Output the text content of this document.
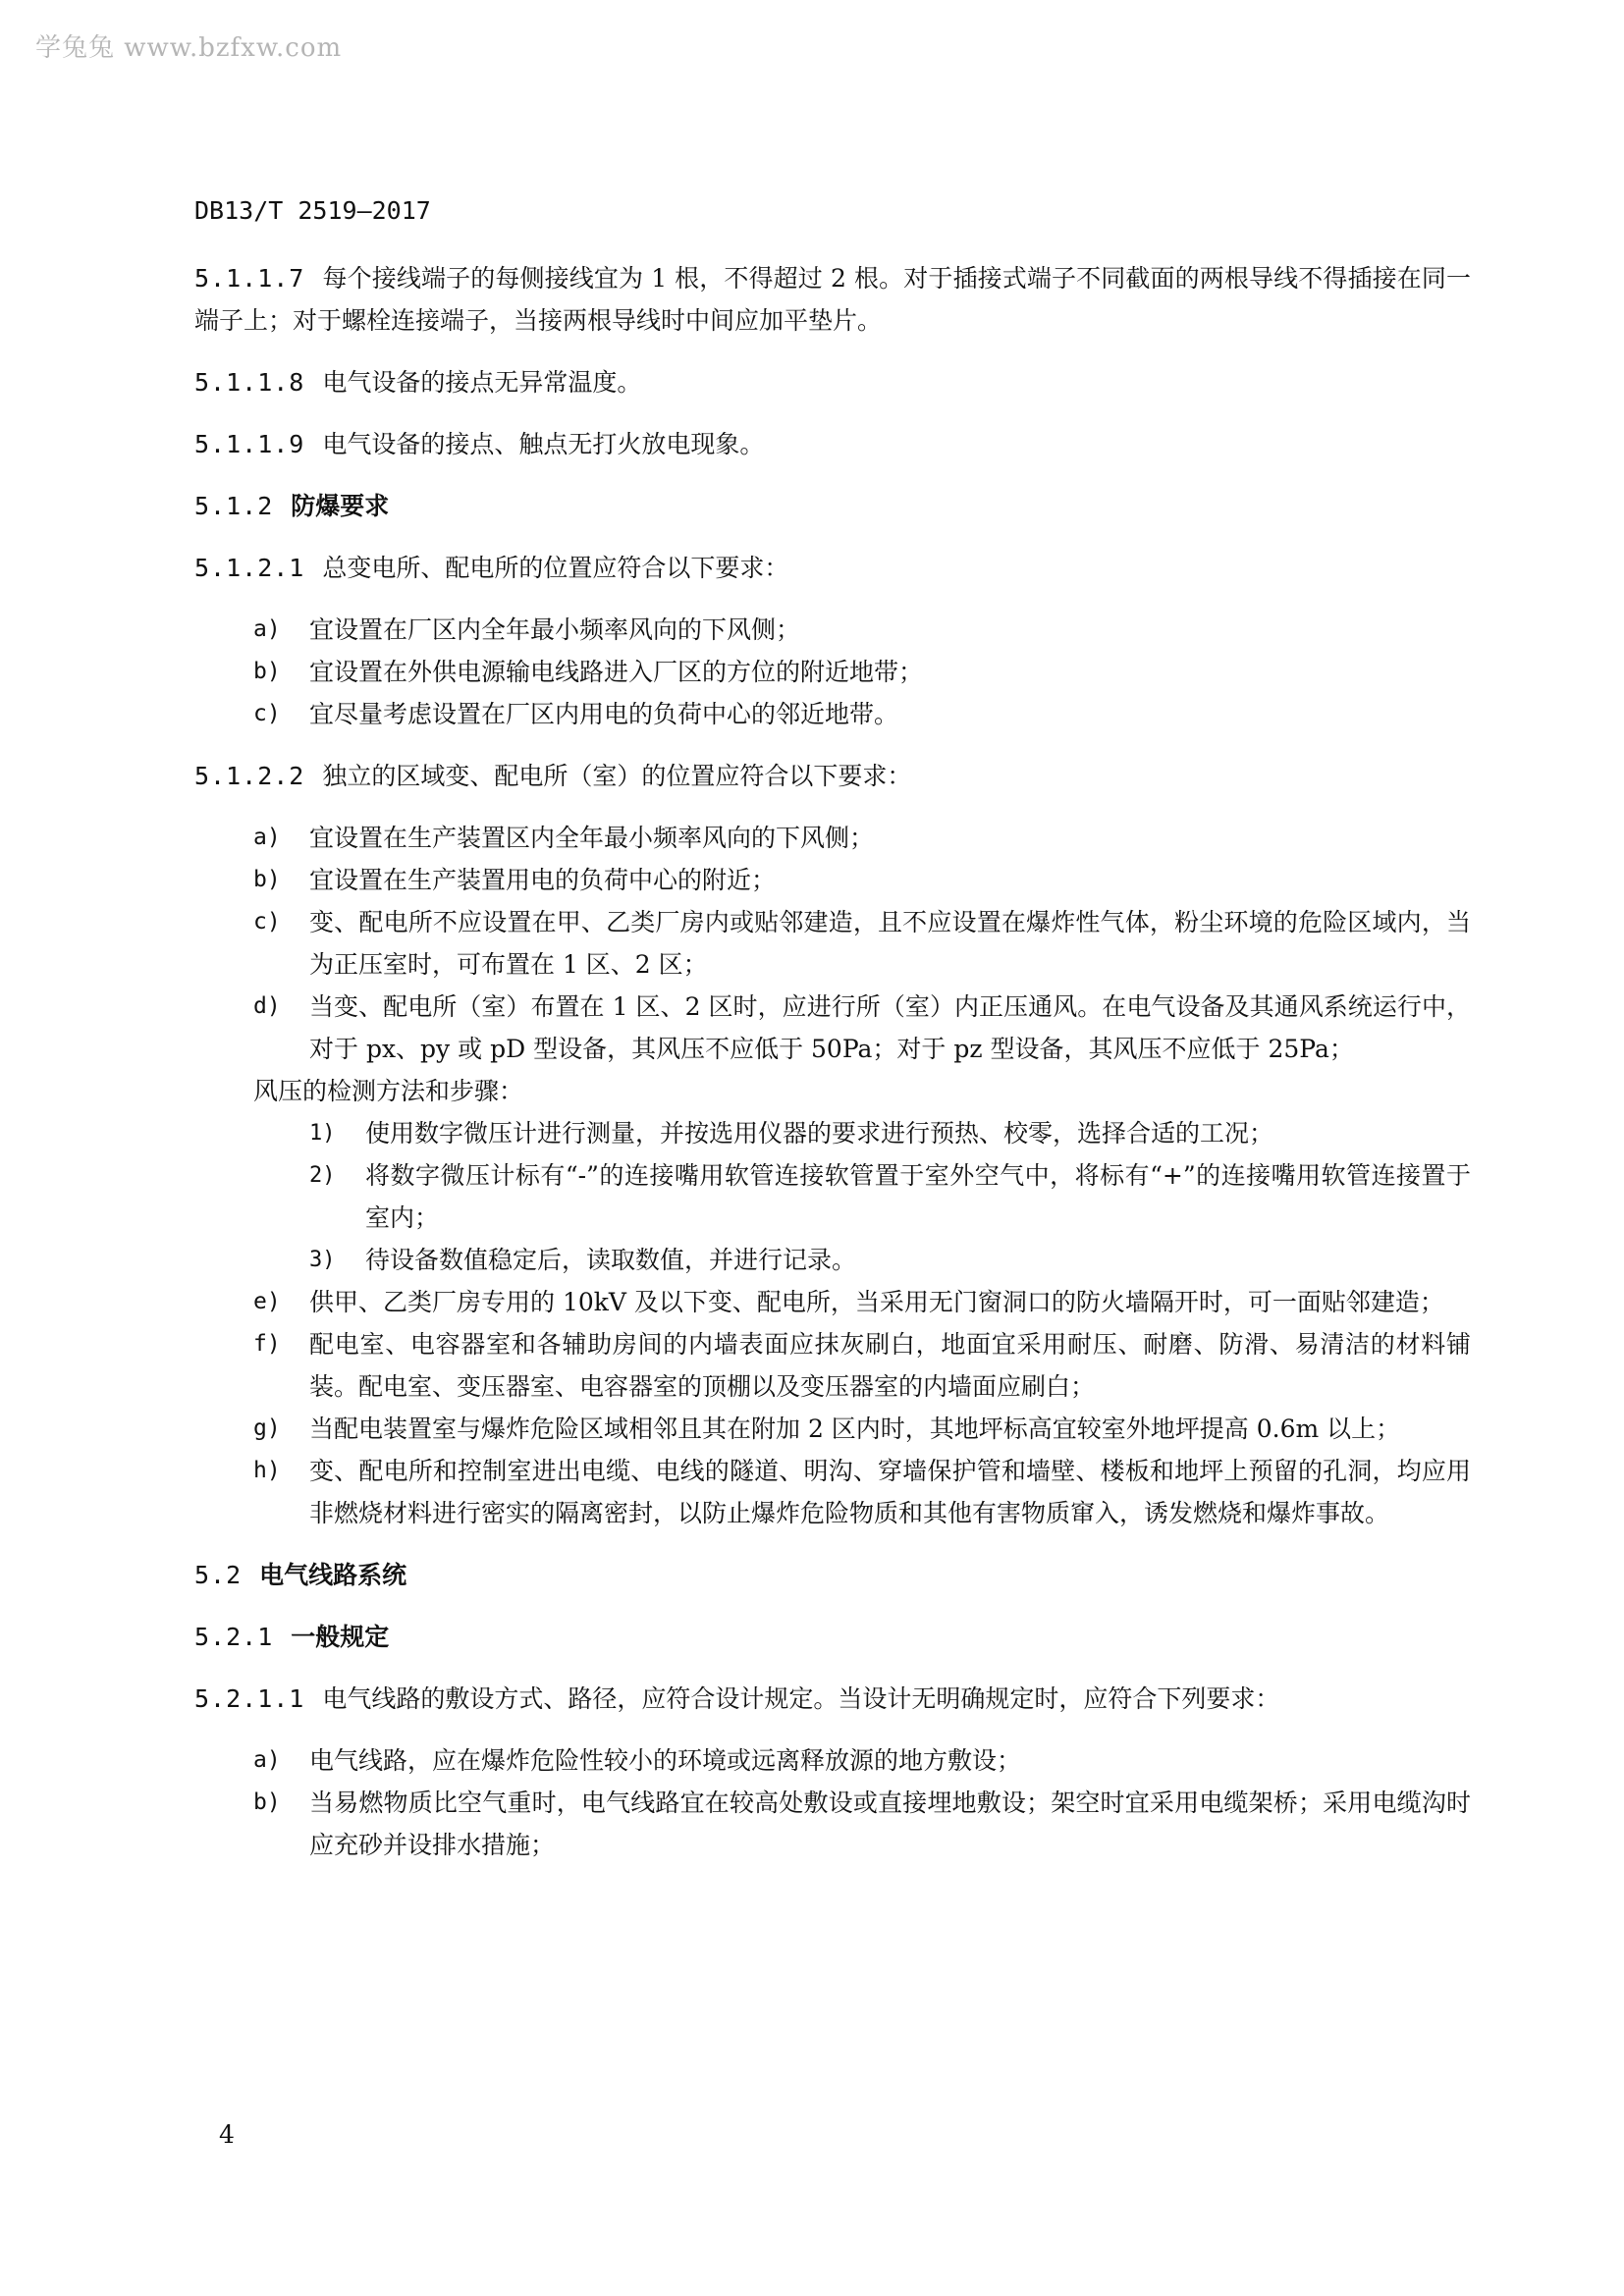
学兔兔 www.bzfxw.com
DB13/T 2519—2017
5.1.1.7 每个接线端子的每侧接线宜为 1 根，不得超过 2 根。对于插接式端子不同截面的两根导线不得插接在同一端子上；对于螺栓连接端子，当接两根导线时中间应加平垫片。
5.1.1.8 电气设备的接点无异常温度。
5.1.1.9 电气设备的接点、触点无打火放电现象。
5.1.2 防爆要求
5.1.2.1 总变电所、配电所的位置应符合以下要求：
a)	宜设置在厂区内全年最小频率风向的下风侧；
b)	宜设置在外供电源输电线路进入厂区的方位的附近地带；
c)	宜尽量考虑设置在厂区内用电的负荷中心的邻近地带。
5.1.2.2 独立的区域变、配电所（室）的位置应符合以下要求：
a)	宜设置在生产装置区内全年最小频率风向的下风侧；
b)	宜设置在生产装置用电的负荷中心的附近；
c)	变、配电所不应设置在甲、乙类厂房内或贴邻建造，且不应设置在爆炸性气体，粉尘环境的危险区域内，当为正压室时，可布置在 1 区、2 区；
d)	当变、配电所（室）布置在 1 区、2 区时，应进行所（室）内正压通风。在电气设备及其通风系统运行中，对于 px、py 或 pD 型设备，其风压不应低于 50Pa；对于 pz 型设备，其风压不应低于 25Pa；
风压的检测方法和步骤：
1)	使用数字微压计进行测量，并按选用仪器的要求进行预热、校零，选择合适的工况；
2)	将数字微压计标有“-”的连接嘴用软管连接软管置于室外空气中，将标有“+”的连接嘴用软管连接置于室内；
3)	待设备数值稳定后，读取数值，并进行记录。
e)	供甲、乙类厂房专用的 10kV 及以下变、配电所，当采用无门窗洞口的防火墙隔开时，可一面贴邻建造；
f)	配电室、电容器室和各辅助房间的内墙表面应抹灰刷白，地面宜采用耐压、耐磨、防滑、易清洁的材料铺装。配电室、变压器室、电容器室的顶棚以及变压器室的内墙面应刷白；
g)	当配电装置室与爆炸危险区域相邻且其在附加 2 区内时，其地坪标高宜较室外地坪提高 0.6m 以上；
h)	变、配电所和控制室进出电缆、电线的隧道、明沟、穿墙保护管和墙壁、楼板和地坪上预留的孔洞，均应用非燃烧材料进行密实的隔离密封，以防止爆炸危险物质和其他有害物质窜入，诱发燃烧和爆炸事故。
5.2 电气线路系统
5.2.1 一般规定
5.2.1.1 电气线路的敷设方式、路径，应符合设计规定。当设计无明确规定时，应符合下列要求：
a)	电气线路，应在爆炸危险性较小的环境或远离释放源的地方敷设；
b)	当易燃物质比空气重时，电气线路宜在较高处敷设或直接埋地敷设；架空时宜采用电缆架桥；采用电缆沟时应充砂并设排水措施；
4
